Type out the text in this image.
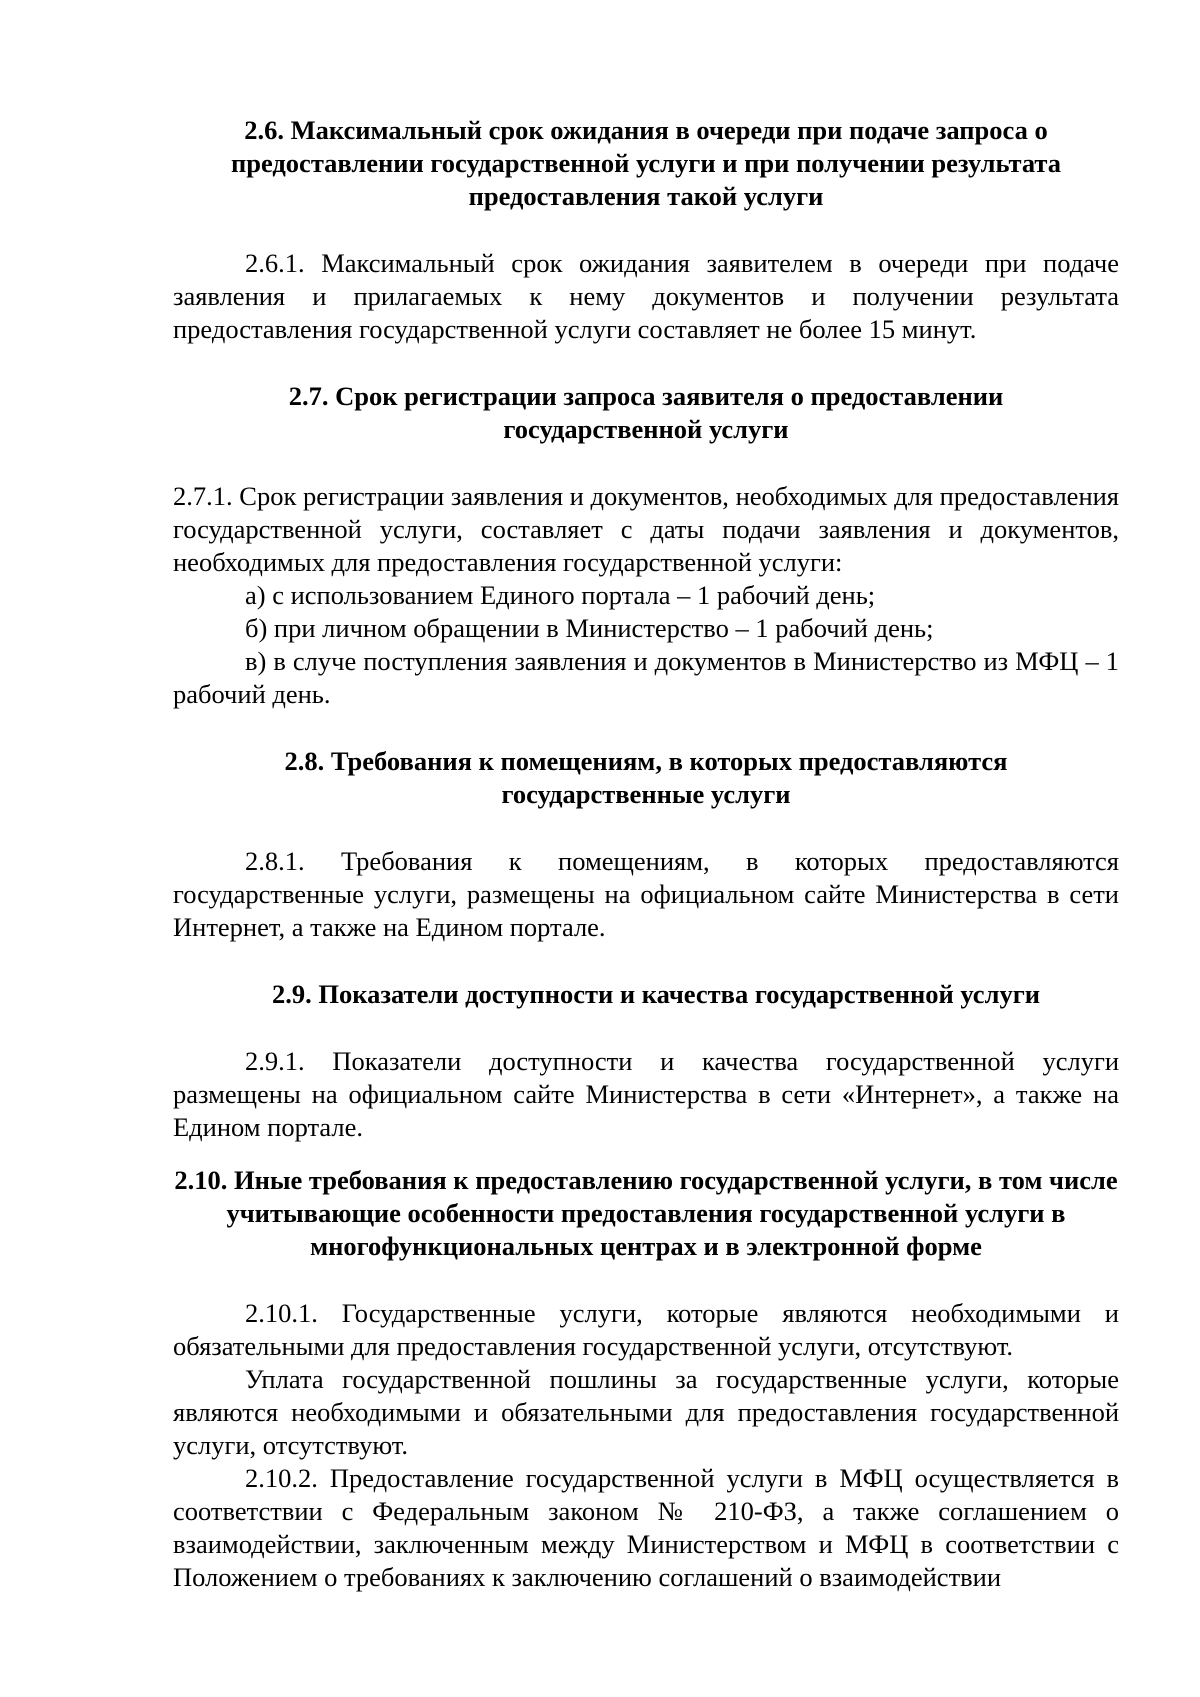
2.6. Максимальный срок ожидания в очереди при подаче запроса о предоставлении государственной услуги и при получении результата предоставления такой услуги

2.6.1. Максимальный срок ожидания заявителем в очереди при подаче заявления и прилагаемых к нему документов и получении результата предоставления государственной услуги составляет не более 15 минут.

2.7. Срок регистрации запроса заявителя о предоставлении государственной услуги

2.7.1. Срок регистрации заявления и документов, необходимых для предоставления государственной услуги, составляет с даты подачи заявления и документов, необходимых для предоставления государственной услуги:

а) с использованием Единого портала – 1 рабочий день;

б) при личном обращении в Министерство – 1 рабочий день;

в) в случе поступления заявления и документов в Министерство из МФЦ – 1 рабочий день.

2.8. Требования к помещениям, в которых предоставляются государственные услуги

2.8.1. Требования к помещениям, в которых предоставляются государственные услуги, размещены на официальном сайте Министерства в сети Интернет, а также на Едином портале.

2.9. Показатели доступности и качества государственной услуги

2.9.1. Показатели доступности и качества государственной услуги размещены на официальном сайте Министерства в сети «Интернет», а также на Едином портале.

2.10. Иные требования к предоставлению государственной услуги, в том числе учитывающие особенности предоставления государственной услуги в многофункциональных центрах и в электронной форме

2.10.1. Государственные услуги, которые являются необходимыми и обязательными для предоставления государственной услуги, отсутствуют.

Уплата государственной пошлины за государственные услуги, которые являются необходимыми и обязательными для предоставления государственной услуги, отсутствуют.

2.10.2. Предоставление государственной услуги в МФЦ осуществляется в соответствии с Федеральным законом № 210-ФЗ, а также соглашением о взаимодействии, заключенным между Министерством и МФЦ в соответствии с Положением о требованиях к заключению соглашений о взаимодействии
